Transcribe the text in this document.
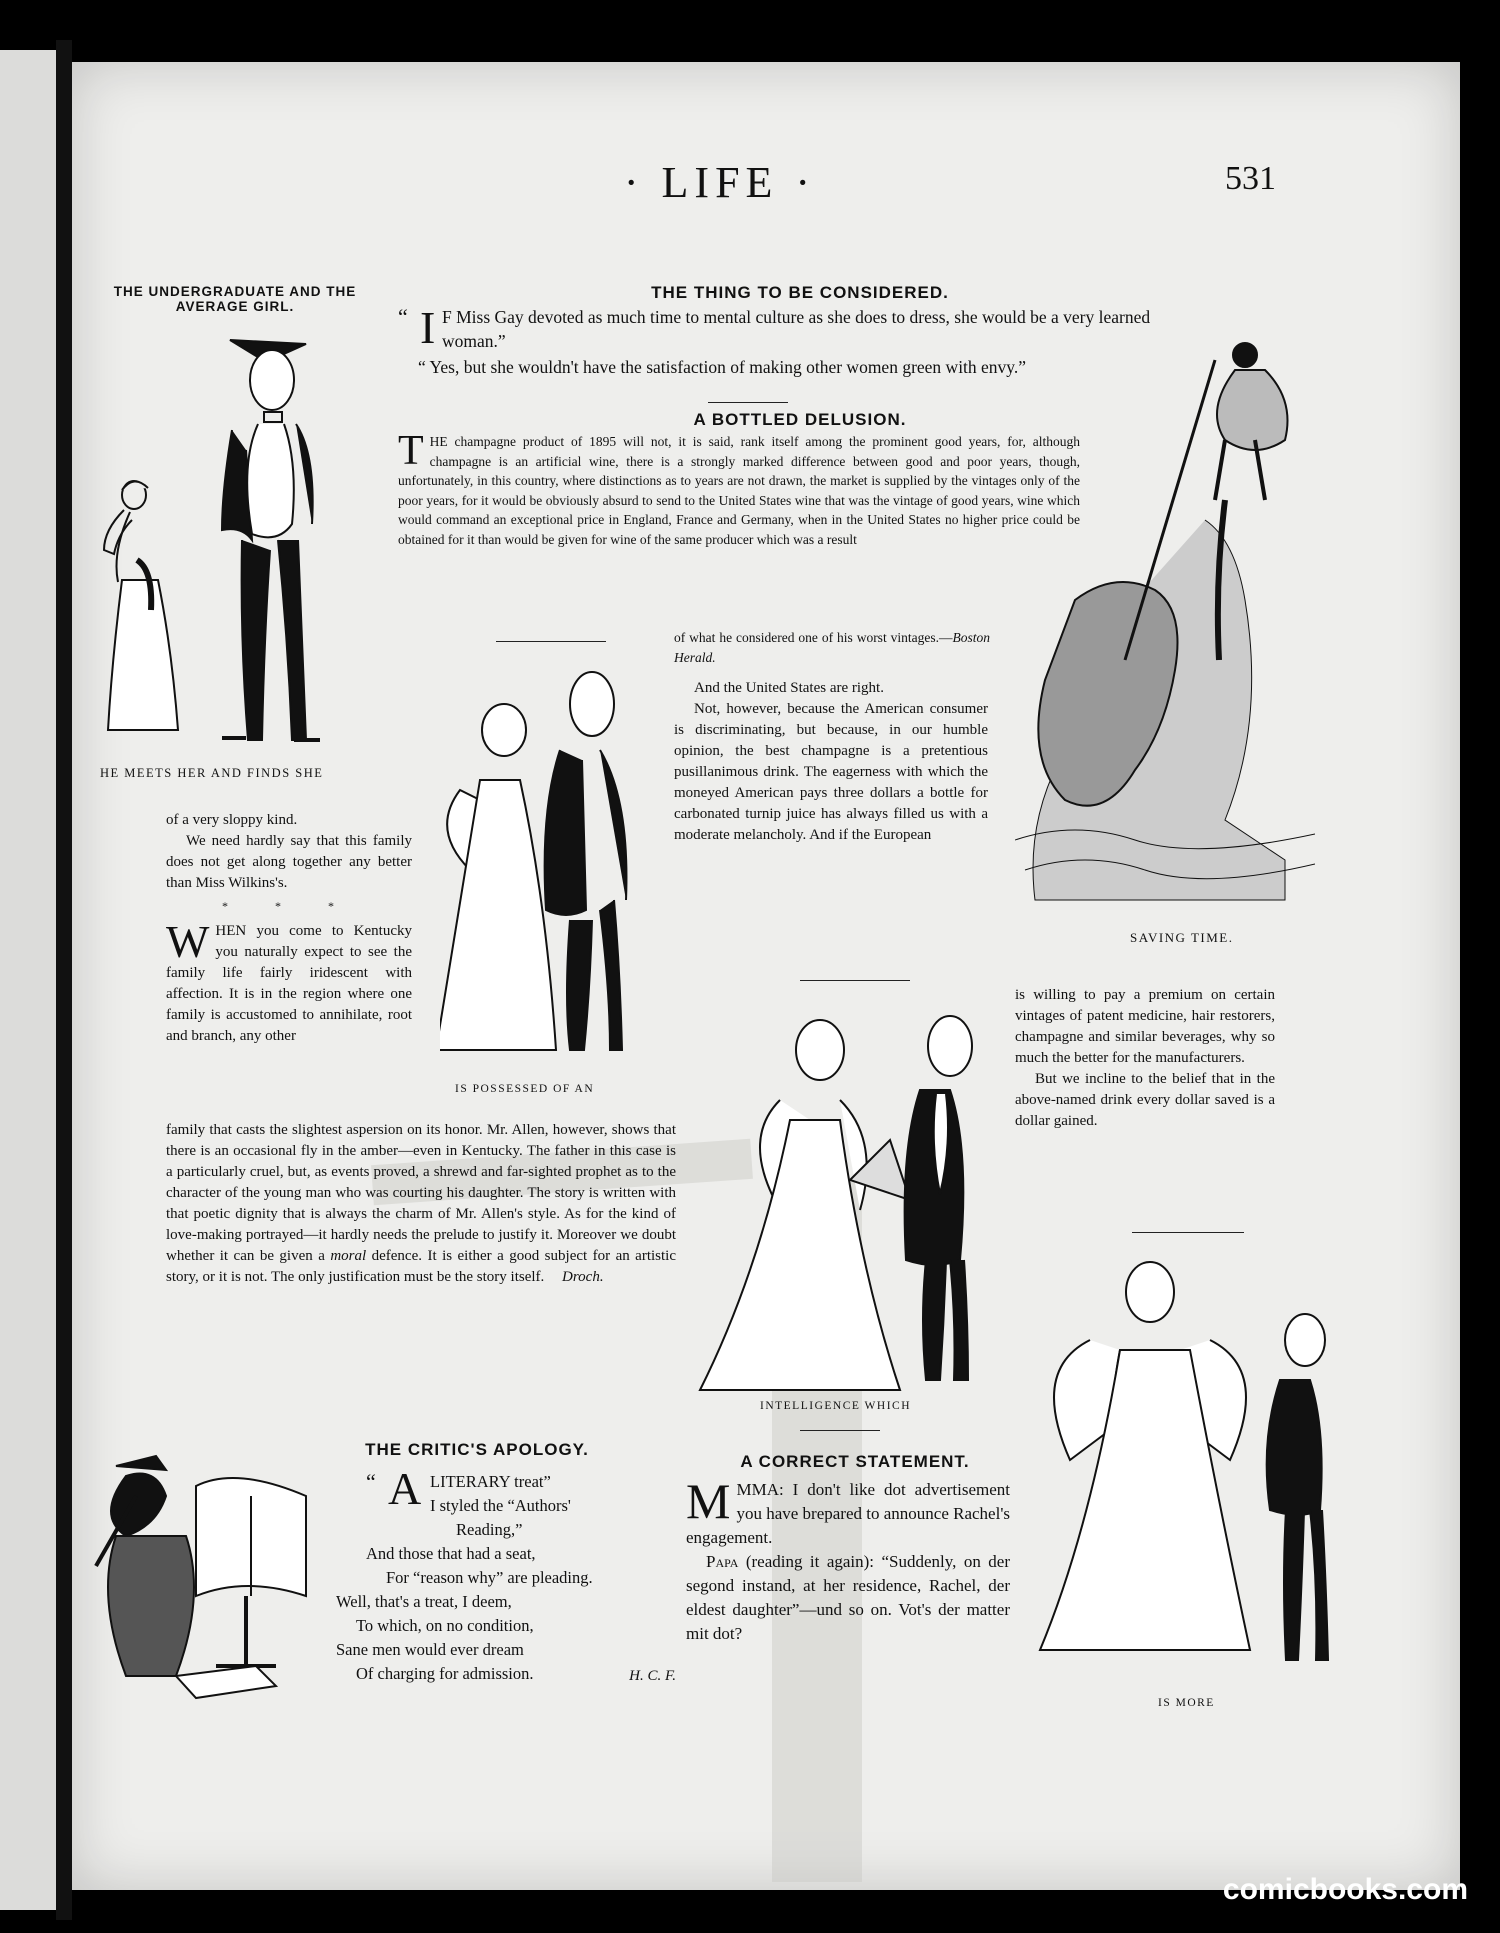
· LIFE ·	531
THE UNDERGRADUATE AND THE AVERAGE GIRL.
HE MEETS HER AND FINDS SHE
THE THING TO BE CONSIDERED.

“ I F Miss Gay devoted as much time to mental culture as she does to dress, she would be a very learned woman.”

“ Yes, but she wouldn't have the satisfaction of making other women green with envy.”

A BOTTLED DELUSION.

THE champagne product of 1895 will not, it is said, rank itself among the prominent good years, for, although champagne is an artificial wine, there is a strongly marked difference between good and poor years, though, unfortunately, in this country, where distinctions as to years are not drawn, the market is supplied by the vintages only of the poor years, for it would be obviously absurd to send to the United States wine that was the vintage of good years, wine which would command an exceptional price in England, France and Germany, when in the United States no higher price could be obtained for it than would be given for wine of the same producer which was a result

of what he considered one of his worst vintages.—Boston Herald.

And the United States are right.

Not, however, because the American consumer is discriminating, but because, in our humble opinion, the best champagne is a pretentious pusillanimous drink. The eagerness with which the moneyed American pays three dollars a bottle for carbonated turnip juice has always filled us with a moderate melancholy. And if the European

is willing to pay a premium on certain vintages of patent medicine, hair restorers, champagne and similar beverages, why so much the better for the manufacturers.

But we incline to the belief that in the above-named drink every dollar saved is a dollar gained.

SAVING TIME.
IS POSSESSED OF AN

of a very sloppy kind.

We need hardly say that this family does not get along together any better than Miss Wilkins's.

* * *

WHEN you come to Kentucky you naturally expect to see the family life fairly iridescent with affection. It is in the region where one family is accustomed to annihilate, root and branch, any other

family that casts the slightest aspersion on its honor. Mr. Allen, however, shows that there is an occasional fly in the amber—even in Kentucky. The father in this case is a particularly cruel, but, as events proved, a shrewd and far-sighted prophet as to the character of the young man who was courting his daughter. The story is written with that poetic dignity that is always the charm of Mr. Allen's style. As for the kind of love-making portrayed—it hardly needs the prelude to justify it. Moreover we doubt whether it can be given a moral defence. It is either a good subject for an artistic story, or it is not. The only justification must be the story itself. Droch.

INTELLIGENCE WHICH
IS MORE
THE CRITIC'S APOLOGY.
“ A LITERARY treat”
I styled the “Authors'
Reading,”
And those that had a seat,
For “reason why” are pleading.
Well, that's a treat, I deem,
To which, on no condition,
Sane men would ever dream
Of charging for admission.	H. C. F.
A CORRECT STATEMENT.

MMMA: I don't like dot advertisement you have brepared to announce Rachel's engagement.

Papa (reading it again): “Suddenly, on der segond instand, at her residence, Rachel, der eldest daughter”—und so on. Vot's der matter mit dot?

comicbooks.com
